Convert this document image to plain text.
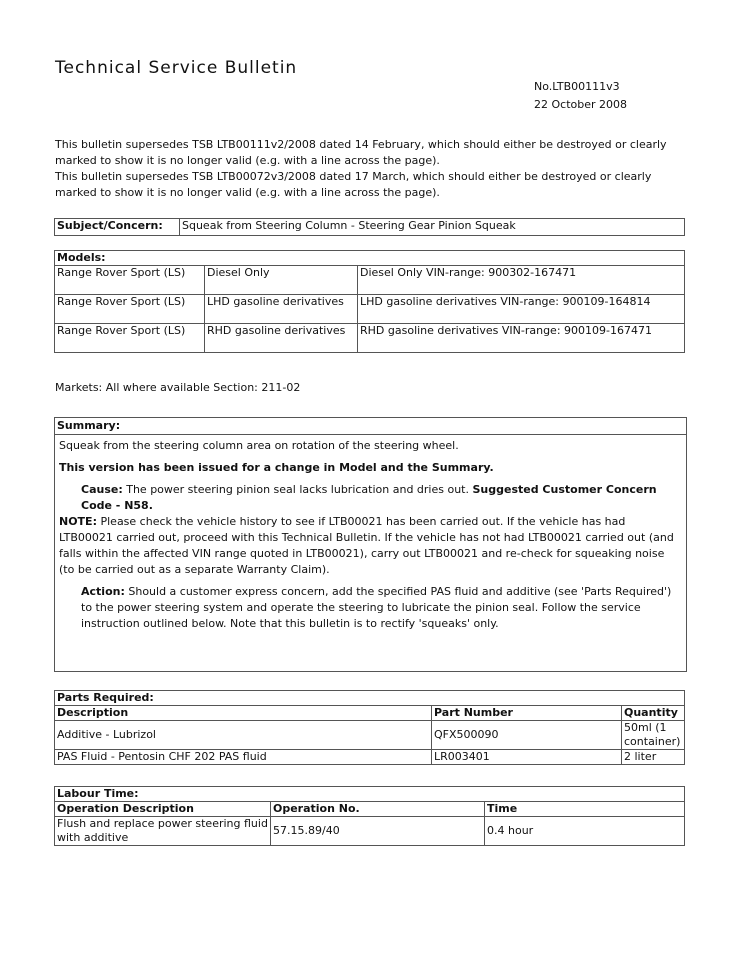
Technical Service Bulletin
No.LTB00111v3
22 October 2008
This bulletin supersedes TSB LTB00111v2/2008 dated 14 February, which should either be destroyed or clearly marked to show it is no longer valid (e.g. with a line across the page).
This bulletin supersedes TSB LTB00072v3/2008 dated 17 March, which should either be destroyed or clearly marked to show it is no longer valid (e.g. with a line across the page).
Subject/Concern:	Squeak from Steering Column - Steering Gear Pinion Squeak
Models:		
Range Rover Sport (LS)	Diesel Only	Diesel Only VIN-range: 900302-167471
Range Rover Sport (LS)	LHD gasoline derivatives	LHD gasoline derivatives VIN-range: 900109-164814
Range Rover Sport (LS)	RHD gasoline derivatives	RHD gasoline derivatives VIN-range: 900109-167471
Markets: All where available Section: 211-02
Summary:

Squeak from the steering column area on rotation of the steering wheel.

This version has been issued for a change in Model and the Summary.

Cause: The power steering pinion seal lacks lubrication and dries out. Suggested Customer Concern Code - N58.

NOTE: Please check the vehicle history to see if LTB00021 has been carried out. If the vehicle has had LTB00021 carried out, proceed with this Technical Bulletin. If the vehicle has not had LTB00021 carried out (and falls within the affected VIN range quoted in LTB00021), carry out LTB00021 and re-check for squeaking noise (to be carried out as a separate Warranty Claim).

Action: Should a customer express concern, add the specified PAS fluid and additive (see 'Parts Required') to the power steering system and operate the steering to lubricate the pinion seal. Follow the service instruction outlined below. Note that this bulletin is to rectify 'squeaks' only.

Parts Required:		
Description	Part Number	Quantity
Additive - Lubrizol	QFX500090	50ml (1 container)
PAS Fluid - Pentosin CHF 202 PAS fluid	LR003401	2 liter
Labour Time:		
Operation Description	Operation No.	Time
Flush and replace power steering fluid with additive	57.15.89/40	0.4 hour
